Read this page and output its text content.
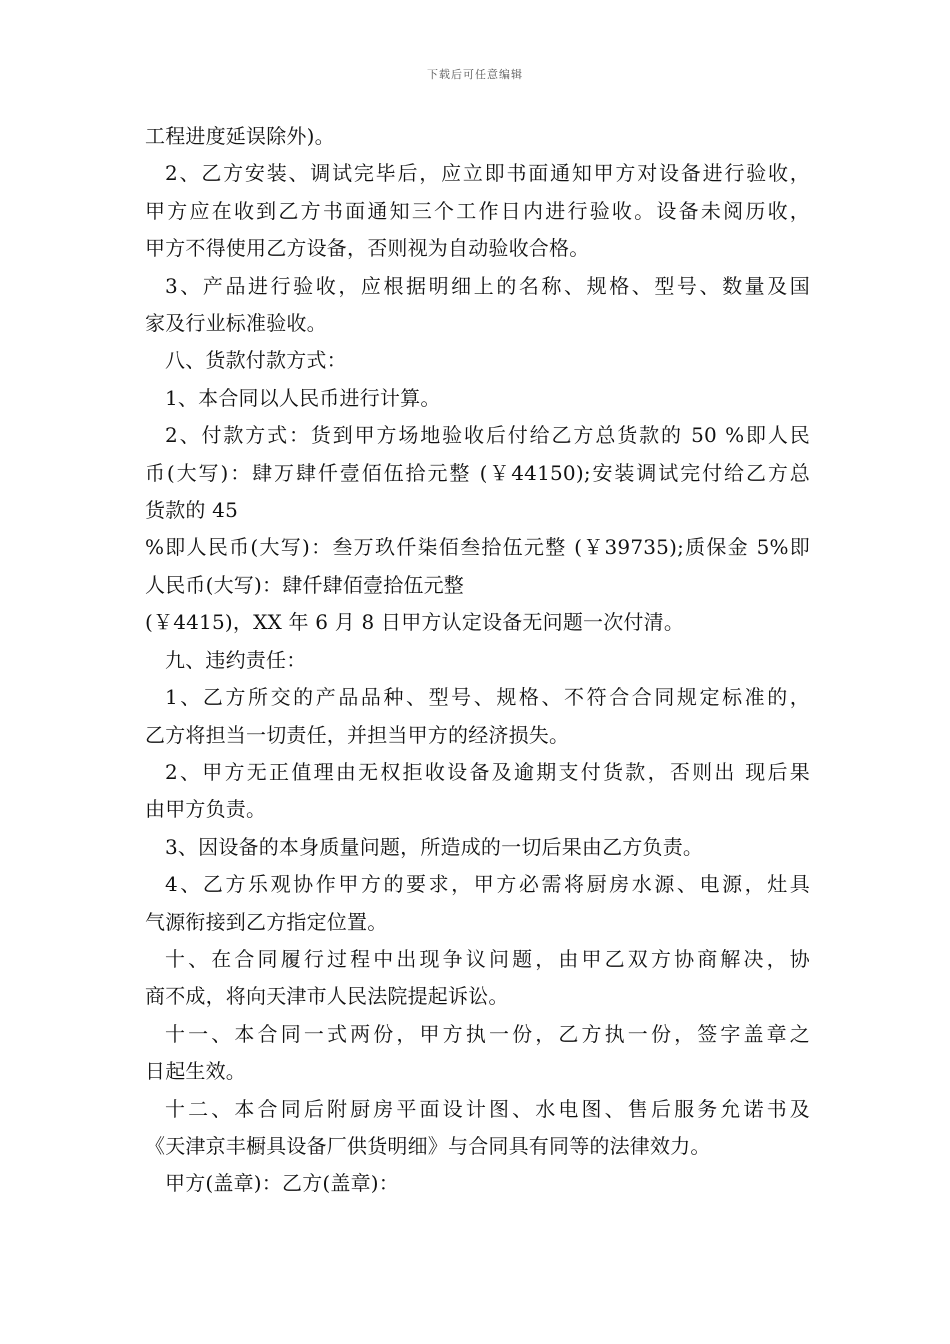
下载后可任意编辑
工程进度延误除外)。
2、乙方安装、调试完毕后，应立即书面通知甲方对设备进行验收，
甲方应在收到乙方书面通知三个工作日内进行验收。设备未阅历收，
甲方不得使用乙方设备，否则视为自动验收合格。
3、产品进行验收，应根据明细上的名称、规格、型号、数量及国
家及行业标准验收。
八、货款付款方式：
1、本合同以人民币进行计算。
2、付款方式：货到甲方场地验收后付给乙方总货款的 50 %即人民
币(大写)：肆万肆仟壹佰伍拾元整 (￥44150);安装调试完付给乙方总
货款的 45
%即人民币(大写)：叁万玖仟柒佰叁拾伍元整 (￥39735);质保金 5%即
人民币(大写)：肆仟肆佰壹拾伍元整
(￥4415)，XX 年 6 月 8 日甲方认定设备无问题一次付清。
九、违约责任：
1、乙方所交的产品品种、型号、规格、不符合合同规定标准的，
乙方将担当一切责任，并担当甲方的经济损失。
2、甲方无正值理由无权拒收设备及逾期支付货款，否则出 现后果
由甲方负责。
3、因设备的本身质量问题，所造成的一切后果由乙方负责。
4、乙方乐观协作甲方的要求，甲方必需将厨房水源、电源，灶具
气源衔接到乙方指定位置。
十、在合同履行过程中出现争议问题，由甲乙双方协商解决，协
商不成，将向天津市人民法院提起诉讼。
十一、本合同一式两份，甲方执一份，乙方执一份，签字盖章之
日起生效。
十二、本合同后附厨房平面设计图、水电图、售后服务允诺书及
《天津京丰橱具设备厂供货明细》与合同具有同等的法律效力。
甲方(盖章)：乙方(盖章)：
